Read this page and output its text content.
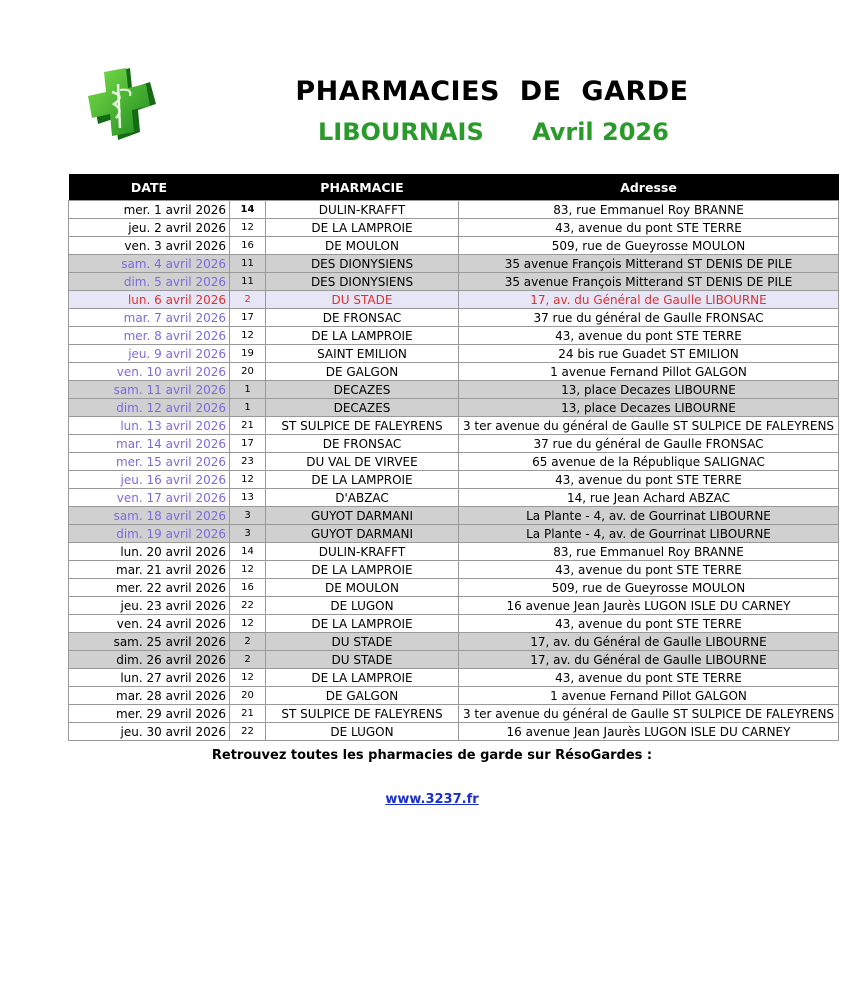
PHARMACIES  DE  GARDE
LIBOURNAIS Avril 2026
DATE		PHARMACIE	Adresse
mer. 1 avril 2026	14	DULIN-KRAFFT	83, rue Emmanuel Roy BRANNE
jeu. 2 avril 2026	12	DE LA LAMPROIE	43, avenue du pont STE TERRE
ven. 3 avril 2026	16	DE MOULON	509, rue de Gueyrosse MOULON
sam. 4 avril 2026	11	DES DIONYSIENS	35 avenue François Mitterand ST DENIS DE PILE
dim. 5 avril 2026	11	DES DIONYSIENS	35 avenue François Mitterand ST DENIS DE PILE
lun. 6 avril 2026	2	DU STADE	17, av. du Général de Gaulle LIBOURNE
mar. 7 avril 2026	17	DE FRONSAC	37 rue du général de Gaulle FRONSAC
mer. 8 avril 2026	12	DE LA LAMPROIE	43, avenue du pont STE TERRE
jeu. 9 avril 2026	19	SAINT EMILION	24 bis rue Guadet ST EMILION
ven. 10 avril 2026	20	DE GALGON	1 avenue Fernand Pillot GALGON
sam. 11 avril 2026	1	DECAZES	13, place Decazes LIBOURNE
dim. 12 avril 2026	1	DECAZES	13, place Decazes LIBOURNE
lun. 13 avril 2026	21	ST SULPICE DE FALEYRENS	3 ter avenue du général de Gaulle ST SULPICE DE FALEYRENS
mar. 14 avril 2026	17	DE FRONSAC	37 rue du général de Gaulle FRONSAC
mer. 15 avril 2026	23	DU VAL DE VIRVEE	65 avenue de la République SALIGNAC
jeu. 16 avril 2026	12	DE LA LAMPROIE	43, avenue du pont STE TERRE
ven. 17 avril 2026	13	D'ABZAC	14, rue Jean Achard ABZAC
sam. 18 avril 2026	3	GUYOT DARMANI	La Plante - 4, av. de Gourrinat LIBOURNE
dim. 19 avril 2026	3	GUYOT DARMANI	La Plante - 4, av. de Gourrinat LIBOURNE
lun. 20 avril 2026	14	DULIN-KRAFFT	83, rue Emmanuel Roy BRANNE
mar. 21 avril 2026	12	DE LA LAMPROIE	43, avenue du pont STE TERRE
mer. 22 avril 2026	16	DE MOULON	509, rue de Gueyrosse MOULON
jeu. 23 avril 2026	22	DE LUGON	16 avenue Jean Jaurès LUGON ISLE DU CARNEY
ven. 24 avril 2026	12	DE LA LAMPROIE	43, avenue du pont STE TERRE
sam. 25 avril 2026	2	DU STADE	17, av. du Général de Gaulle LIBOURNE
dim. 26 avril 2026	2	DU STADE	17, av. du Général de Gaulle LIBOURNE
lun. 27 avril 2026	12	DE LA LAMPROIE	43, avenue du pont STE TERRE
mar. 28 avril 2026	20	DE GALGON	1 avenue Fernand Pillot GALGON
mer. 29 avril 2026	21	ST SULPICE DE FALEYRENS	3 ter avenue du général de Gaulle ST SULPICE DE FALEYRENS
jeu. 30 avril 2026	22	DE LUGON	16 avenue Jean Jaurès LUGON ISLE DU CARNEY
Retrouvez toutes les pharmacies de garde sur RésoGardes :
www.3237.fr
